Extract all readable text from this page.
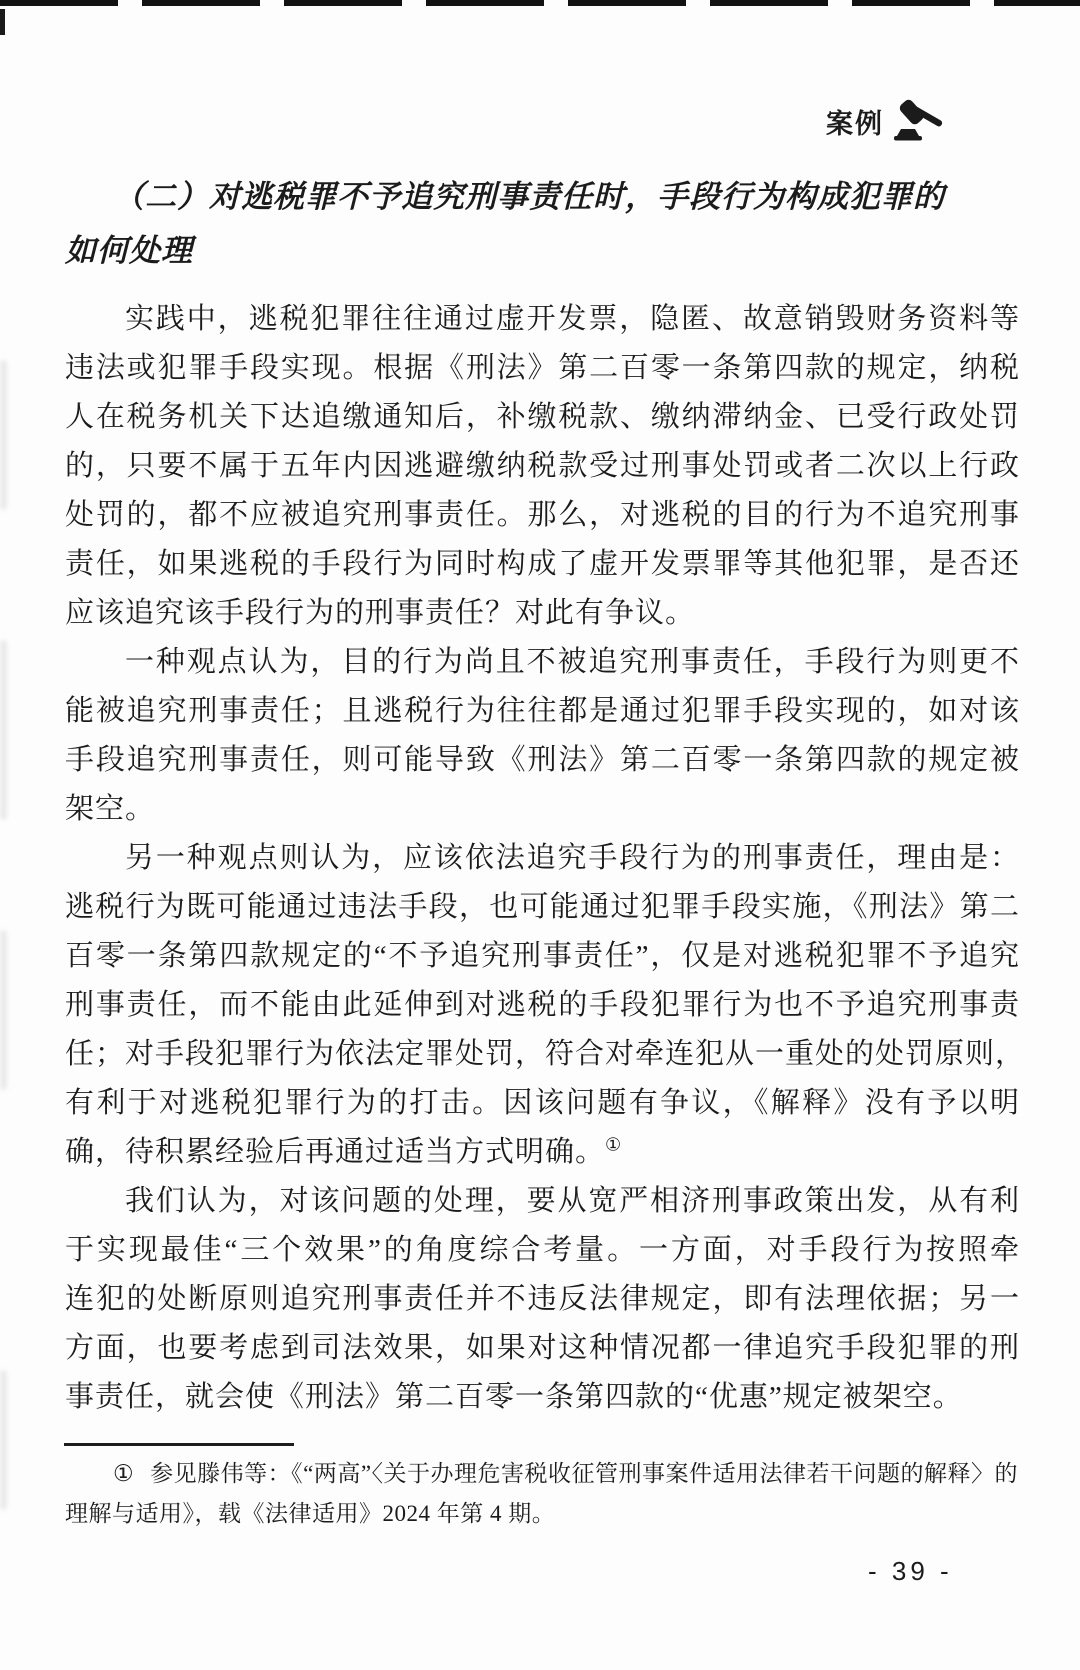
案例
（二）对逃税罪不予追究刑事责任时，手段行为构成犯罪的
如何处理
实践中，逃税犯罪往往通过虚开发票，隐匿、故意销毁财务资料等
违法或犯罪手段实现。根据《刑法》第二百零一条第四款的规定，纳税
人在税务机关下达追缴通知后，补缴税款、缴纳滞纳金、已受行政处罚
的，只要不属于五年内因逃避缴纳税款受过刑事处罚或者二次以上行政
处罚的，都不应被追究刑事责任。那么，对逃税的目的行为不追究刑事
责任，如果逃税的手段行为同时构成了虚开发票罪等其他犯罪，是否还
应该追究该手段行为的刑事责任？对此有争议。
一种观点认为，目的行为尚且不被追究刑事责任，手段行为则更不
能被追究刑事责任；且逃税行为往往都是通过犯罪手段实现的，如对该
手段追究刑事责任，则可能导致《刑法》第二百零一条第四款的规定被
架空。
另一种观点则认为，应该依法追究手段行为的刑事责任，理由是：
逃税行为既可能通过违法手段，也可能通过犯罪手段实施，《刑法》第二
百零一条第四款规定的“不予追究刑事责任”，仅是对逃税犯罪不予追究
刑事责任，而不能由此延伸到对逃税的手段犯罪行为也不予追究刑事责
任；对手段犯罪行为依法定罪处罚，符合对牵连犯从一重处的处罚原则，
有利于对逃税犯罪行为的打击。因该问题有争议，《解释》没有予以明
确，待积累经验后再通过适当方式明确。①
我们认为，对该问题的处理，要从宽严相济刑事政策出发，从有利
于实现最佳“三个效果”的角度综合考量。一方面，对手段行为按照牵
连犯的处断原则追究刑事责任并不违反法律规定，即有法理依据；另一
方面，也要考虑到司法效果，如果对这种情况都一律追究手段犯罪的刑
事责任，就会使《刑法》第二百零一条第四款的“优惠”规定被架空。
① 参见滕伟等：《“两高”〈关于办理危害税收征管刑事案件适用法律若干问题的解释〉的
理解与适用》，载《法律适用》2024 年第 4 期。
- 39 -
